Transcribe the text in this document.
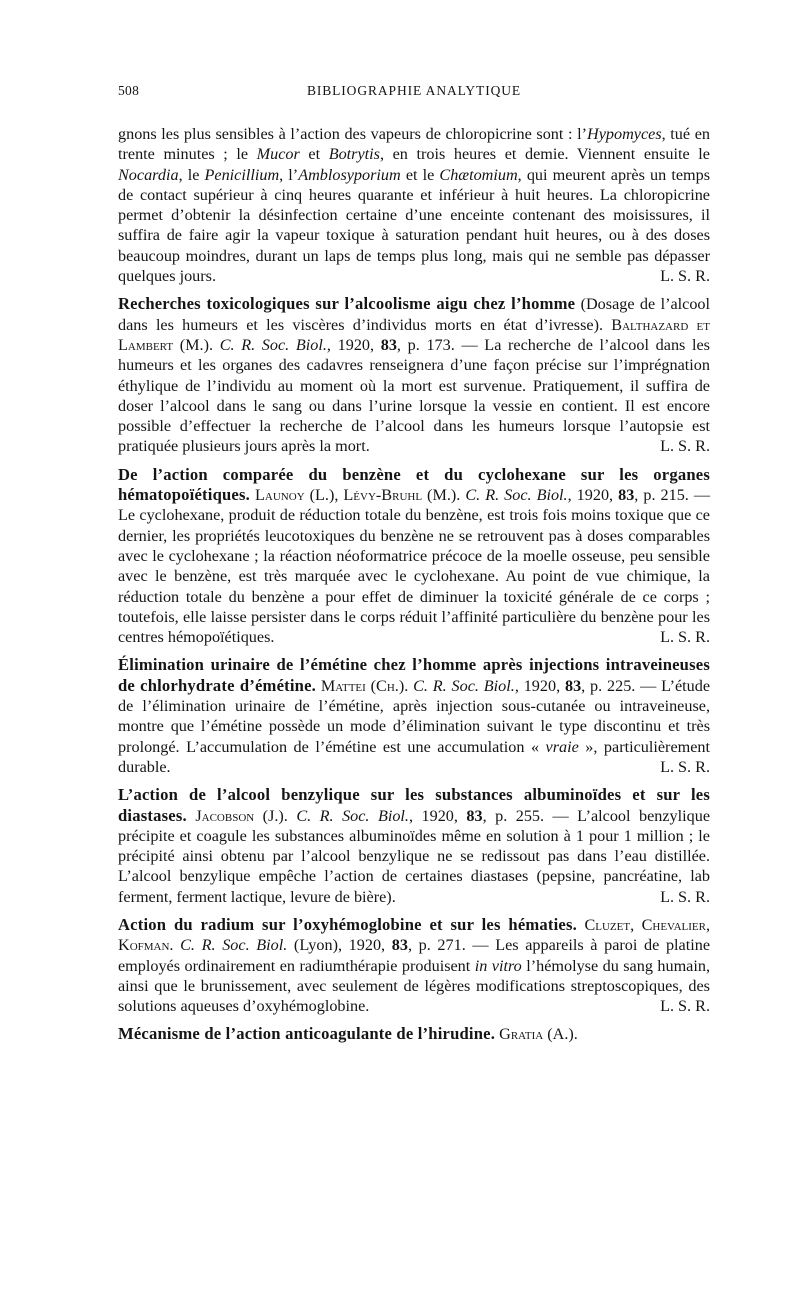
508	BIBLIOGRAPHIE ANALYTIQUE

gnons les plus sensibles à l’action des vapeurs de chloropicrine sont : l’Hypomyces, tué en trente minutes ; le Mucor et Botrytis, en trois heures et demie. Viennent ensuite le Nocardia, le Penicillium, l’Amblosyporium et le Chætomium, qui meurent après un temps de contact supérieur à cinq heures quarante et inférieur à huit heures. La chloropicrine permet d’obtenir la désinfection certaine d’une enceinte contenant des moisissures, il suffira de faire agir la vapeur toxique à saturation pendant huit heures, ou à des doses beaucoup moindres, durant un laps de temps plus long, mais qui ne semble pas dépasser quelques jours.	L. S. R.

Recherches toxicologiques sur l’alcoolisme aigu chez l’homme (Dosage de l’alcool dans les humeurs et les viscères d’individus morts en état d’ivresse). Balthazard et Lambert (M.). C. R. Soc. Biol., 1920, 83, p. 173. — La recherche de l’alcool dans les humeurs et les organes des cadavres renseignera d’une façon précise sur l’imprégnation éthylique de l’individu au moment où la mort est survenue. Pratiquement, il suffira de doser l’alcool dans le sang ou dans l’urine lorsque la vessie en contient. Il est encore possible d’effectuer la recherche de l’alcool dans les humeurs lorsque l’autopsie est pratiquée plusieurs jours après la mort.	L. S. R.

De l’action comparée du benzène et du cyclohexane sur les organes hématopoïétiques. Launoy (L.), Lévy-Bruhl (M.). C. R. Soc. Biol., 1920, 83, p. 215. — Le cyclohexane, produit de réduction totale du benzène, est trois fois moins toxique que ce dernier, les propriétés leucotoxiques du benzène ne se retrouvent pas à doses comparables avec le cyclohexane ; la réaction néoformatrice précoce de la moelle osseuse, peu sensible avec le benzène, est très marquée avec le cyclohexane. Au point de vue chimique, la réduction totale du benzène a pour effet de diminuer la toxicité générale de ce corps ; toutefois, elle laisse persister dans le corps réduit l’affinité particulière du benzène pour les centres hémopoïétiques.	L. S. R.

Élimination urinaire de l’émétine chez l’homme après injections intraveineuses de chlorhydrate d’émétine. Mattei (Ch.). C. R. Soc. Biol., 1920, 83, p. 225. — L’étude de l’élimination urinaire de l’émétine, après injection sous-cutanée ou intraveineuse, montre que l’émétine possède un mode d’élimination suivant le type discontinu et très prolongé. L’accumulation de l’émétine est une accumulation « vraie », particulièrement durable.	L. S. R.

L’action de l’alcool benzylique sur les substances albuminoïdes et sur les diastases. Jacobson (J.). C. R. Soc. Biol., 1920, 83, p. 255. — L’alcool benzylique précipite et coagule les substances albuminoïdes même en solution à 1 pour 1 million ; le précipité ainsi obtenu par l’alcool benzylique ne se redissout pas dans l’eau distillée. L’alcool benzylique empêche l’action de certaines diastases (pepsine, pancréatine, lab ferment, ferment lactique, levure de bière).	L. S. R.

Action du radium sur l’oxyhémoglobine et sur les hématies. Cluzet, Chevalier, Kofman. C. R. Soc. Biol. (Lyon), 1920, 83, p. 271. — Les appareils à paroi de platine employés ordinairement en radiumthérapie produisent in vitro l’hémolyse du sang humain, ainsi que le brunissement, avec seulement de légères modifications streptoscopiques, des solutions aqueuses d’oxyhémoglobine.	L. S. R.

Mécanisme de l’action anticoagulante de l’hirudine. Gratia (A.).
